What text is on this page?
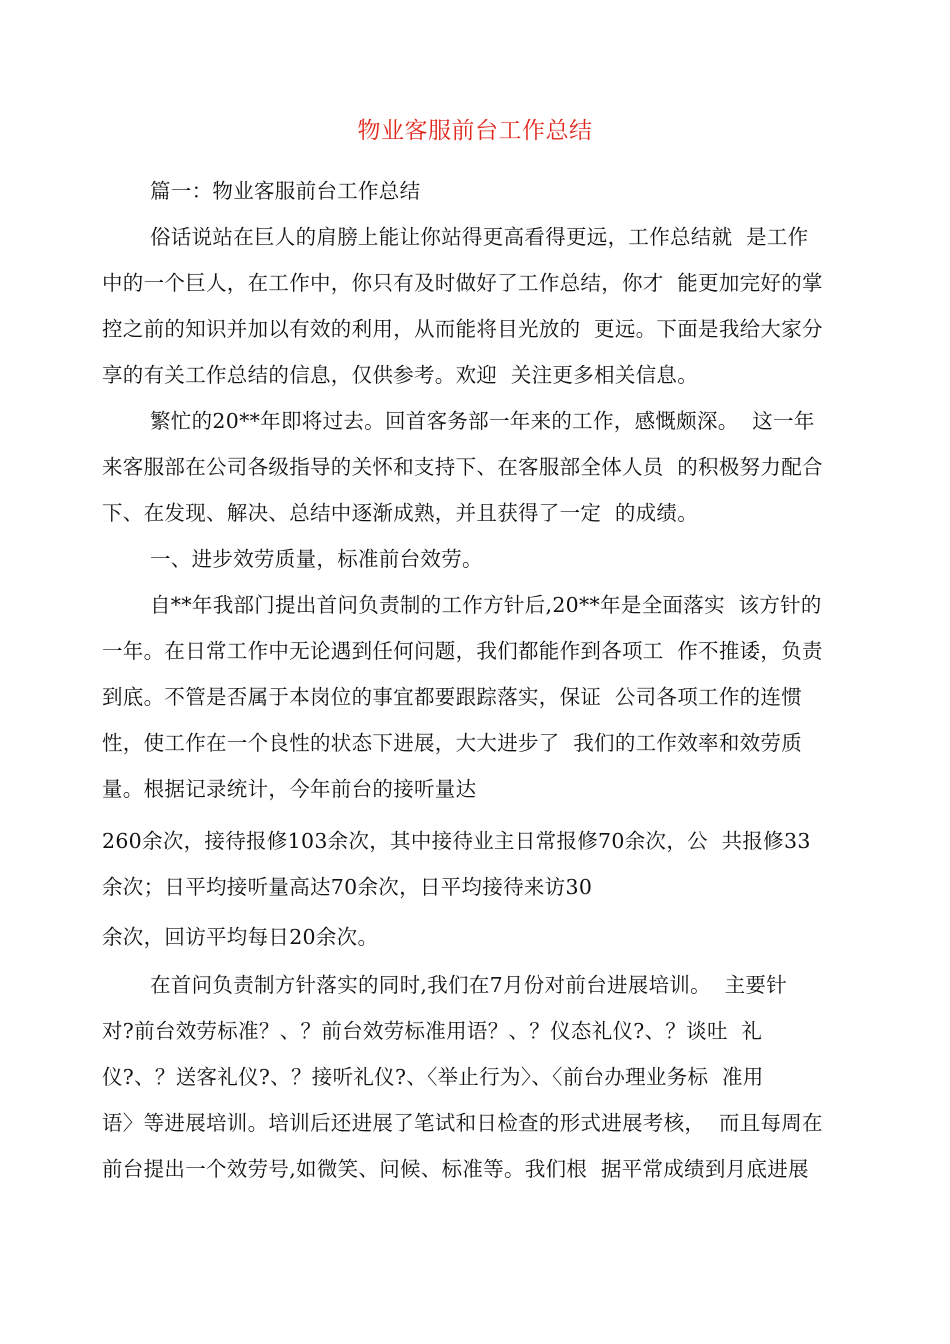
物业客服前台工作总结
篇一：物业客服前台工作总结
俗话说站在巨人的肩膀上能让你站得更高看得更远，工作总结就  是工作
中的一个巨人，在工作中，你只有及时做好了工作总结，你才  能更加完好的掌
控之前的知识并加以有效的利用，从而能将目光放的  更远。下面是我给大家分
享的有关工作总结的信息，仅供参考。欢迎  关注更多相关信息。
繁忙的20**年即将过去。回首客务部一年来的工作，感慨颇深。  这一年
来客服部在公司各级指导的关怀和支持下、在客服部全体人员  的积极努力配合
下、在发现、解决、总结中逐渐成熟，并且获得了一定  的成绩。
一、进步效劳质量，标准前台效劳。
自**年我部门提出首问负责制的工作方针后,20**年是全面落实  该方针的
一年。在日常工作中无论遇到任何问题，我们都能作到各项工  作不推诿，负责
到底。不管是否属于本岗位的事宜都要跟踪落实，保证  公司各项工作的连惯
性，使工作在一个良性的状态下进展，大大进步了  我们的工作效率和效劳质
量。根据记录统计，今年前台的接听量达
260余次，接待报修103余次，其中接待业主日常报修70余次，公  共报修33
余次；日平均接听量高达70余次，日平均接待来访30
余次，回访平均每日20余次。
在首问负责制方针落实的同时,我们在7月份对前台进展培训。  主要针
对?前台效劳标准？、？前台效劳标准用语？、？仪态礼仪?、？谈吐  礼
仪?、？送客礼仪?、？接听礼仪?、〈举止行为〉、〈前台办理业务标  准用
语〉等进展培训。培训后还进展了笔试和日检查的形式进展考核，  而且每周在
前台提出一个效劳号,如微笑、问候、标准等。我们根  据平常成绩到月底进展
